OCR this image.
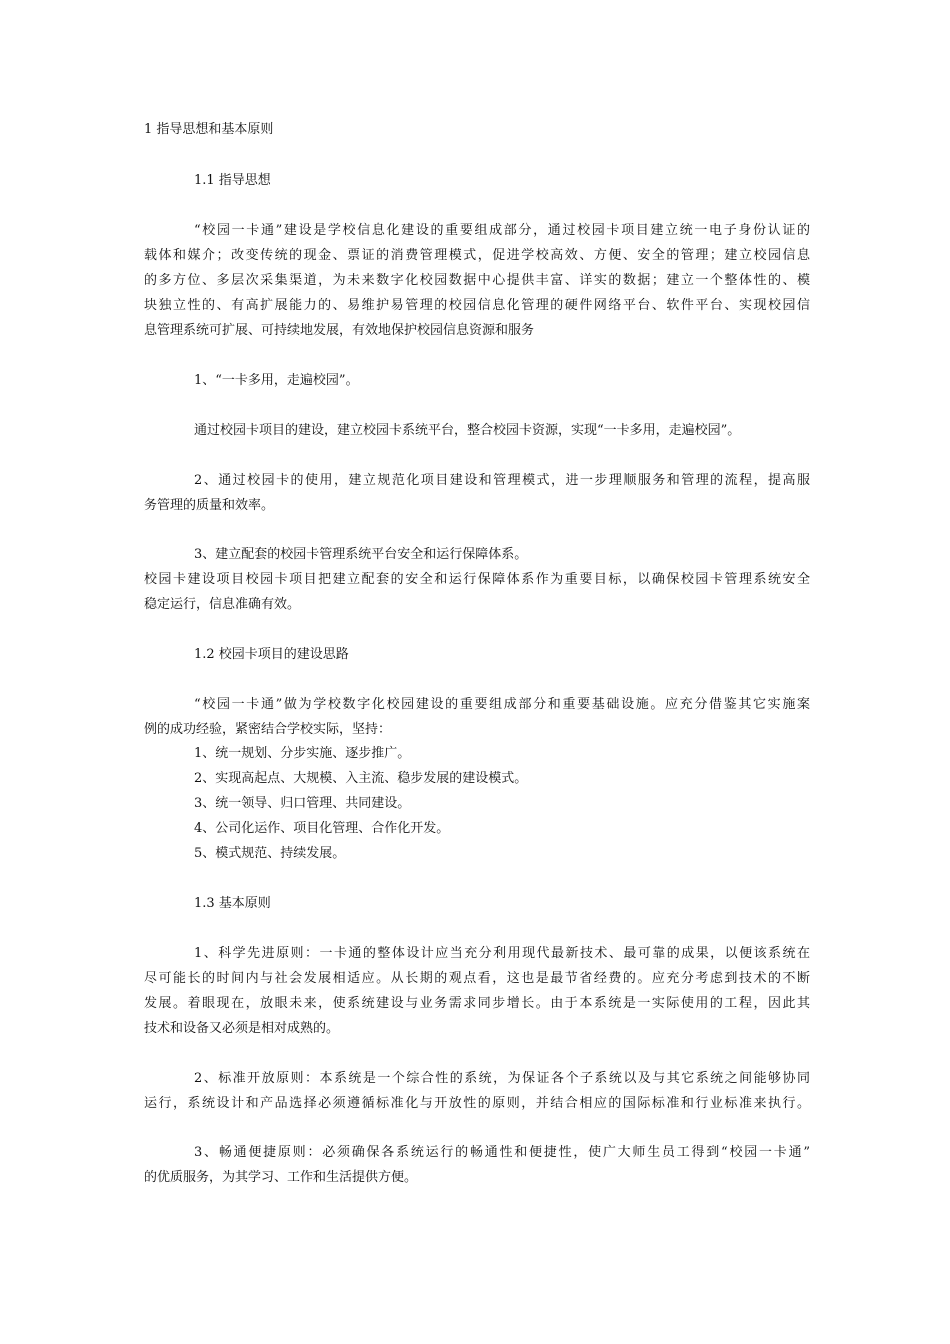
1 指导思想和基本原则
1.1 指导思想
“校园一卡通”建设是学校信息化建设的重要组成部分，通过校园卡项目建立统一电子身份认证的
载体和媒介；改变传统的现金、票证的消费管理模式，促进学校高效、方便、安全的管理；建立校园信息
的多方位、多层次采集渠道，为未来数字化校园数据中心提供丰富、详实的数据；建立一个整体性的、模
块独立性的、有高扩展能力的、易维护易管理的校园信息化管理的硬件网络平台、软件平台、实现校园信
息管理系统可扩展、可持续地发展，有效地保护校园信息资源和服务
1、“一卡多用，走遍校园”。
通过校园卡项目的建设，建立校园卡系统平台，整合校园卡资源，实现“一卡多用，走遍校园”。
2、通过校园卡的使用，建立规范化项目建设和管理模式，进一步理顺服务和管理的流程，提高服
务管理的质量和效率。
3、建立配套的校园卡管理系统平台安全和运行保障体系。
校园卡建设项目校园卡项目把建立配套的安全和运行保障体系作为重要目标，以确保校园卡管理系统安全
稳定运行，信息准确有效。
1.2 校园卡项目的建设思路
“校园一卡通”做为学校数字化校园建设的重要组成部分和重要基础设施。应充分借鉴其它实施案
例的成功经验，紧密结合学校实际，坚持：
1、统一规划、分步实施、逐步推广。
2、实现高起点、大规模、入主流、稳步发展的建设模式。
3、统一领导、归口管理、共同建设。
4、公司化运作、项目化管理、合作化开发。
5、模式规范、持续发展。
1.3 基本原则
1、科学先进原则：一卡通的整体设计应当充分利用现代最新技术、最可靠的成果，以便该系统在
尽可能长的时间内与社会发展相适应。从长期的观点看，这也是最节省经费的。应充分考虑到技术的不断
发展。着眼现在，放眼未来，使系统建设与业务需求同步增长。由于本系统是一实际使用的工程，因此其
技术和设备又必须是相对成熟的。
2、标准开放原则：本系统是一个综合性的系统，为保证各个子系统以及与其它系统之间能够协同
运行，系统设计和产品选择必须遵循标准化与开放性的原则，并结合相应的国际标准和行业标准来执行。
3、畅通便捷原则：必须确保各系统运行的畅通性和便捷性，使广大师生员工得到“校园一卡通”
的优质服务，为其学习、工作和生活提供方便。
